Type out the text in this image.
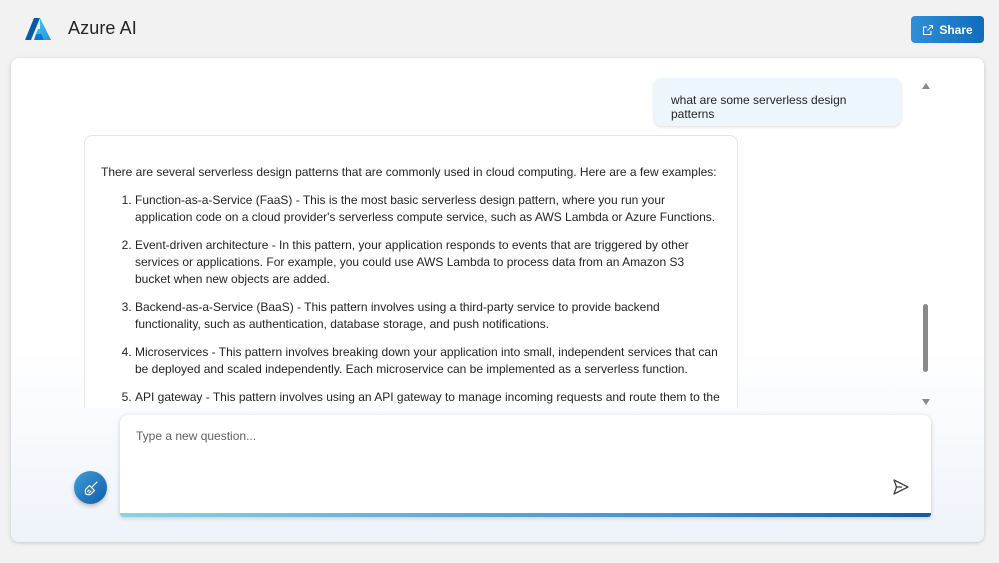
Azure AI	Share
what are some serverless design patterns

There are several serverless design patterns that are commonly used in cloud computing. Here are a few examples:

1. Function-as-a-Service (FaaS) - This is the most basic serverless design pattern, where you run your application code on a cloud provider's serverless compute service, such as AWS Lambda or Azure Functions.
2. Event-driven architecture - In this pattern, your application responds to events that are triggered by other services or applications. For example, you could use AWS Lambda to process data from an Amazon S3 bucket when new objects are added.
3. Backend-as-a-Service (BaaS) - This pattern involves using a third-party service to provide backend functionality, such as authentication, database storage, and push notifications.
4. Microservices - This pattern involves breaking down your application into small, independent services that can be deployed and scaled independently. Each microservice can be implemented as a serverless function.
5. API gateway - This pattern involves using an API gateway to manage incoming requests and route them to the
Type a new question...
